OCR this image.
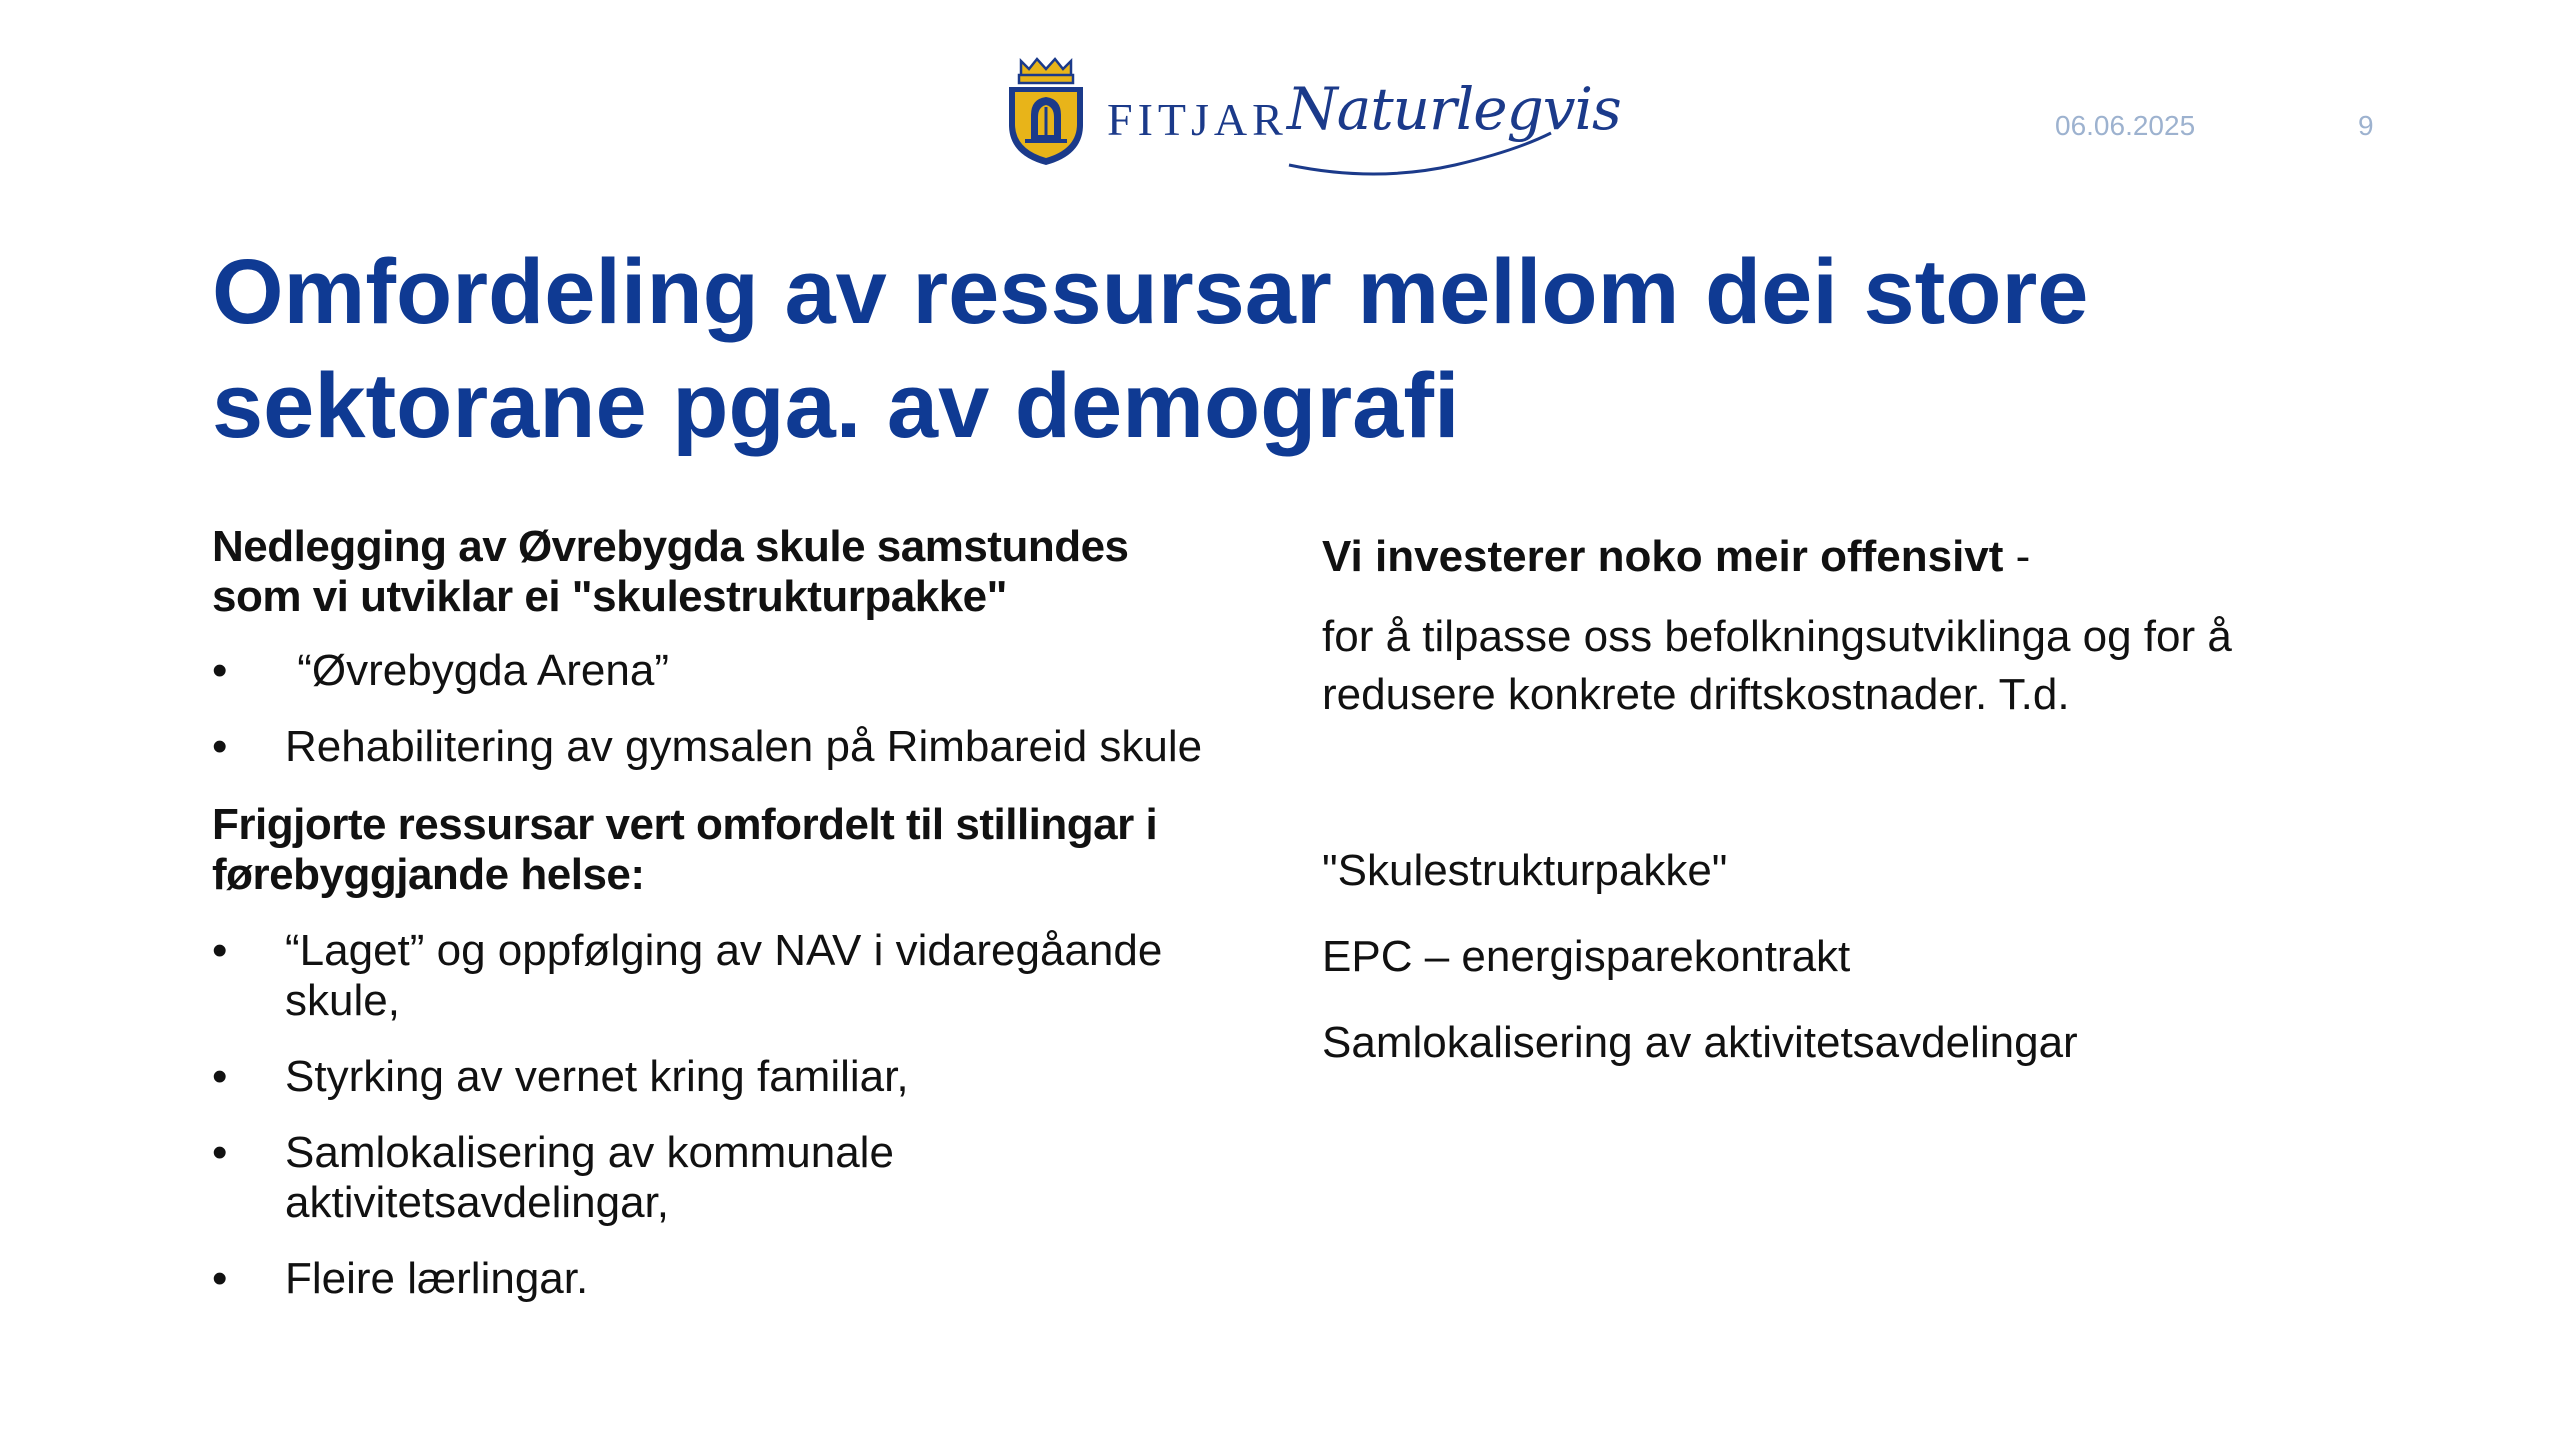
FITJAR Naturlegvis	06.06.2025	9
Omfordeling av ressursar mellom dei store sektorane pga. av demografi

Nedlegging av Øvrebygda skule samstundes som vi utviklar ei "skulestrukturpakke"

• “Øvrebygda Arena”
• Rehabilitering av gymsalen på Rimbareid skule

Frigjorte ressursar vert omfordelt til stillingar i førebyggjande helse:

• “Laget” og oppfølging av NAV i vidaregåande skule,
• Styrking av vernet kring familiar,
• Samlokalisering av kommunale aktivitetsavdelingar,
• Fleire lærlingar.

Vi investerer noko meir offensivt -

for å tilpasse oss befolkningsutviklinga og for å redusere konkrete driftskostnader. T.d.

"Skulestrukturpakke"

EPC – energisparekontrakt

Samlokalisering av aktivitetsavdelingar
